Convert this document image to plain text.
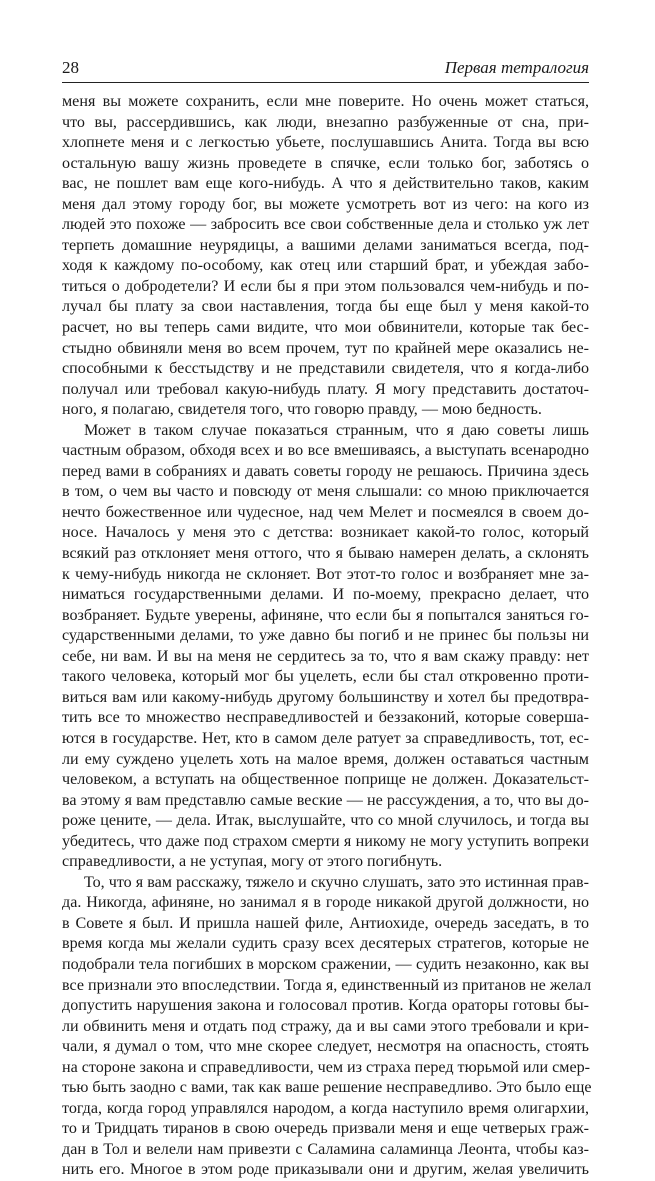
28	Первая тетралогия
меня вы можете сохранить, если мне поверите. Но очень может статься,
что вы, рассердившись, как люди, внезапно разбуженные от сна, при-
хлопнете меня и с легкостью убьете, послушавшись Анита. Тогда вы всю
остальную вашу жизнь проведете в спячке, если только бог, заботясь о
вас, не пошлет вам еще кого-нибудь. А что я действительно таков, каким
меня дал этому городу бог, вы можете усмотреть вот из чего: на кого из
людей это похоже — забросить все свои собственные дела и столько уж лет
терпеть домашние неурядицы, а вашими делами заниматься всегда, под-
ходя к каждому по-особому, как отец или старший брат, и убеждая забо-
титься о добродетели? И если бы я при этом пользовался чем-нибудь и по-
лучал бы плату за свои наставления, тогда бы еще был у меня какой-то
расчет, но вы теперь сами видите, что мои обвинители, которые так бес-
стыдно обвиняли меня во всем прочем, тут по крайней мере оказались не-
способными к бесстыдству и не представили свидетеля, что я когда-либо
получал или требовал какую-нибудь плату. Я могу представить достаточ-
ного, я полагаю, свидетеля того, что говорю правду, — мою бедность.
Может в таком случае показаться странным, что я даю советы лишь
частным образом, обходя всех и во все вмешиваясь, а выступать всенародно
перед вами в собраниях и давать советы городу не решаюсь. Причина здесь
в том, о чем вы часто и повсюду от меня слышали: со мною приключается
нечто божественное или чудесное, над чем Мелет и посмеялся в своем до-
носе. Началось у меня это с детства: возникает какой-то голос, который
всякий раз отклоняет меня оттого, что я бываю намерен делать, а склонять
к чему-нибудь никогда не склоняет. Вот этот-то голос и возбраняет мне за-
ниматься государственными делами. И по-моему, прекрасно делает, что
возбраняет. Будьте уверены, афиняне, что если бы я попытался заняться го-
сударственными делами, то уже давно бы погиб и не принес бы пользы ни
себе, ни вам. И вы на меня не сердитесь за то, что я вам скажу правду: нет
такого человека, который мог бы уцелеть, если бы стал откровенно проти-
виться вам или какому-нибудь другому большинству и хотел бы предотвра-
тить все то множество несправедливостей и беззаконий, которые совершa-
ются в государстве. Нет, кто в самом деле ратует за справедливость, тот, ес-
ли ему суждено уцелеть хоть на малое время, должен оставаться частным
человеком, а вступать на общественное поприще не должен. Доказательст-
ва этому я вам представлю самые веские — не рассуждения, а то, что вы до-
роже цените, — дела. Итак, выслушайте, что со мной случилось, и тогда вы
убедитесь, что даже под страхом смерти я никому не могу уступить вопреки
справедливости, а не уступая, могу от этого погибнуть.
То, что я вам расскажу, тяжело и скучно слушать, зато это истинная прав-
да. Никогда, афиняне, но занимал я в городе никакой другой должности, но
в Совете я был. И пришла нашей филе, Антиохиде, очередь заседать, в то
время когда мы желали судить сразу всех десятерых стратегов, которые не
подобрали тела погибших в морском сражении, — судить незаконно, как вы
все признали это впоследствии. Тогда я, единственный из пританов не желал
допустить нарушения закона и голосовал против. Когда ораторы готовы бы-
ли обвинить меня и отдать под стражу, да и вы сами этого требовали и кри-
чали, я думал о том, что мне скорее следует, несмотря на опасность, стоять
на стороне закона и справедливости, чем из страха перед тюрьмой или смер-
тью быть заодно с вами, так как ваше решение несправедливо. Это было еще
тогда, когда город управлялся народом, а когда наступило время олигархии,
то и Тридцать тиранов в свою очередь призвали меня и еще четверых граж-
дан в Тол и велели нам привезти с Саламина саламинца Леонта, чтобы каз-
нить его. Многое в этом роде приказывали они и другим, желая увеличить
